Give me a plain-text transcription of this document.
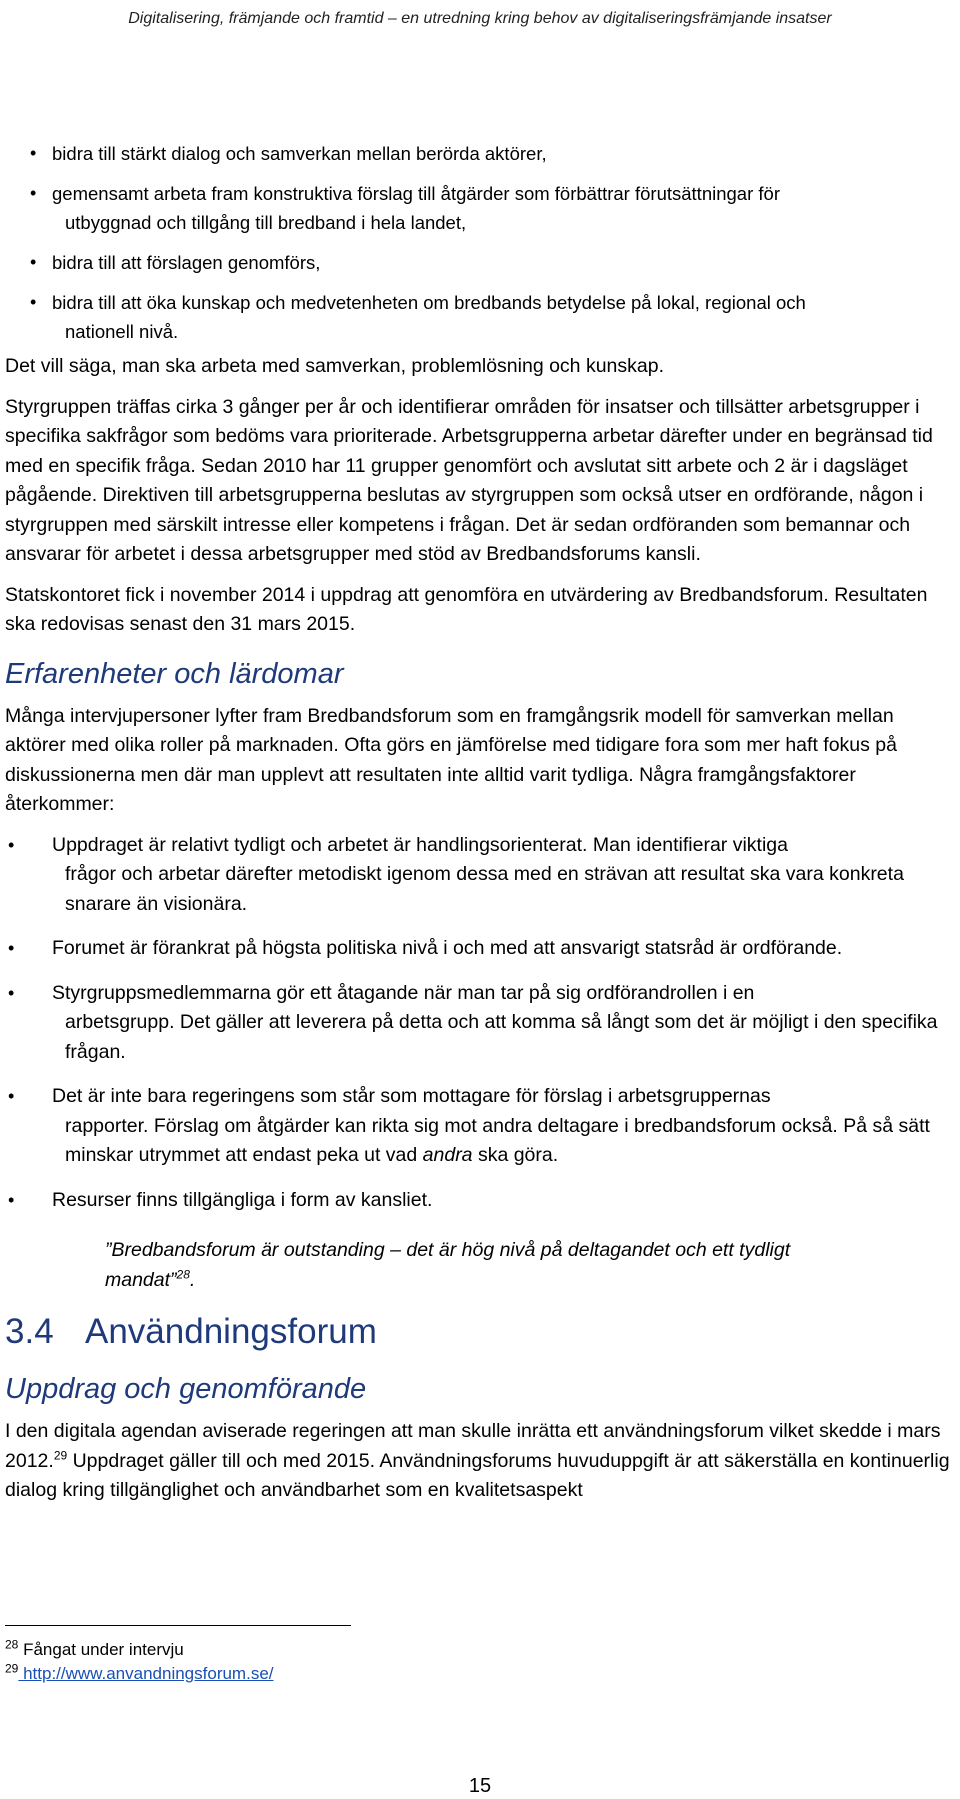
Digitalisering, främjande och framtid – en utredning kring behov av digitaliseringsfrämjande insatser
• bidra till stärkt dialog och samverkan mellan berörda aktörer,
• gemensamt arbeta fram konstruktiva förslag till åtgärder som förbättrar förutsättningar för
utbyggnad och tillgång till bredband i hela landet,
• bidra till att förslagen genomförs,
• bidra till att öka kunskap och medvetenheten om bredbands betydelse på lokal, regional och
nationell nivå.

Det vill säga, man ska arbeta med samverkan, problemlösning och kunskap.

Styrgruppen träffas cirka 3 gånger per år och identifierar områden för insatser och tillsätter arbetsgrupper i specifika sakfrågor som bedöms vara prioriterade. Arbetsgrupperna arbetar därefter under en begränsad tid med en specifik fråga. Sedan 2010 har 11 grupper genomfört och avslutat sitt arbete och 2 är i dagsläget pågående. Direktiven till arbetsgrupperna beslutas av styrgruppen som också utser en ordförande, någon i styrgruppen med särskilt intresse eller kompetens i frågan. Det är sedan ordföranden som bemannar och ansvarar för arbetet i dessa arbetsgrupper med stöd av Bredbandsforums kansli.

Statskontoret fick i november 2014 i uppdrag att genomföra en utvärdering av Bredbandsforum. Resultaten ska redovisas senast den 31 mars 2015.

Erfarenheter och lärdomar

Många intervjupersoner lyfter fram Bredbandsforum som en framgångsrik modell för samverkan mellan aktörer med olika roller på marknaden. Ofta görs en jämförelse med tidigare fora som mer haft fokus på diskussionerna men där man upplevt att resultaten inte alltid varit tydliga. Några framgångsfaktorer återkommer:

• Uppdraget är relativt tydligt och arbetet är handlingsorienterat. Man identifierar viktiga
frågor och arbetar därefter metodiskt igenom dessa med en strävan att resultat ska vara konkreta snarare än visionära.
• Forumet är förankrat på högsta politiska nivå i och med att ansvarigt statsråd är ordförande.
• Styrgruppsmedlemmarna gör ett åtagande när man tar på sig ordförandrollen i en
arbetsgrupp. Det gäller att leverera på detta och att komma så långt som det är möjligt i den specifika frågan.
• Det är inte bara regeringens som står som mottagare för förslag i arbetsgruppernas
rapporter. Förslag om åtgärder kan rikta sig mot andra deltagare i bredbandsforum också. På så sätt minskar utrymmet att endast peka ut vad andra ska göra.
• Resurser finns tillgängliga i form av kansliet.

”Bredbandsforum är outstanding – det är hög nivå på deltagandet och ett tydligt mandat”$^{28}$.

3.4 Användningsforum
Uppdrag och genomförande

I den digitala agendan aviserade regeringen att man skulle inrätta ett användningsforum vilket skedde i mars 2012.29 Uppdraget gäller till och med 2015. Användningsforums huvuduppgift är att säkerställa en kontinuerlig dialog kring tillgänglighet och användbarhet som en kvalitetsaspekt

$^{28}$ Fångat under intervju
$^{29}$ http://www.anvandningsforum.se/
15
